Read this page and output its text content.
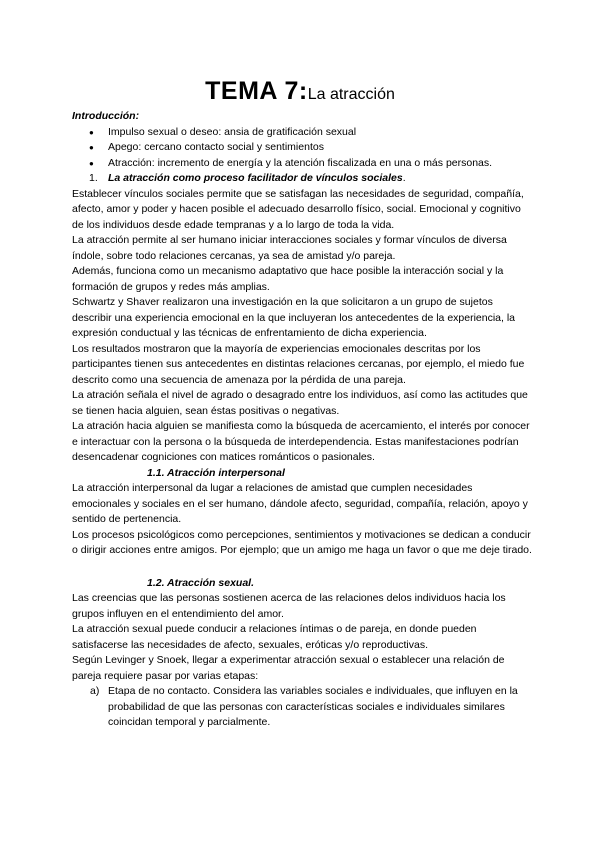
TEMA 7:La atracción

Introducción:

● Impulso sexual o deseo: ansia de gratificación sexual
● Apego: cercano contacto social y sentimientos
● Atracción: incremento de energía y la atención fiscalizada en una o más personas.

1. La atracción como proceso facilitador de vínculos sociales.

Establecer vínculos sociales permite que se satisfagan las necesidades de seguridad, compañía, afecto, amor y poder y hacen posible el adecuado desarrollo físico, social. Emocional y cognitivo de los individuos desde edade tempranas y a lo largo de toda la vida.

La atracción permite al ser humano iniciar interacciones sociales y formar vínculos de diversa índole, sobre todo relaciones cercanas, ya sea de amistad y/o pareja.

Además, funciona como un mecanismo adaptativo que hace posible la interacción social y la formación de grupos y redes más amplias.

Schwartz y Shaver realizaron una investigación en la que solicitaron a un grupo de sujetos describir una experiencia emocional en la que incluyeran los antecedentes de la experiencia, la expresión conductual y las técnicas de enfrentamiento de dicha experiencia.

Los resultados mostraron que la mayoría de experiencias emocionales descritas por los participantes tienen sus antecedentes en distintas relaciones cercanas, por ejemplo, el miedo fue descrito como una secuencia de amenaza por la pérdida de una pareja.

La atración señala el nivel de agrado o desagrado entre los individuos, así como las actitudes que se tienen hacia alguien, sean éstas positivas o negativas.

La atración hacia alguien se manifiesta como la búsqueda de acercamiento, el interés por conocer e interactuar con la persona o la búsqueda de interdependencia. Estas manifestaciones podrían desencadenar cogniciones con matices románticos o pasionales.

1.1. Atracción interpersonal

La atracción interpersonal da lugar a relaciones de amistad que cumplen necesidades emocionales y sociales en el ser humano, dándole afecto, seguridad, compañía, relación, apoyo y sentido de pertenencia.

Los procesos psicológicos como percepciones, sentimientos y motivaciones se dedican a conducir o dirigir acciones entre amigos. Por ejemplo; que un amigo me haga un favor o que me deje tirado.

1.2. Atracción sexual.

Las creencias que las personas sostienen acerca de las relaciones delos individuos hacia los grupos influyen en el entendimiento del amor.

La atracción sexual puede conducir a relaciones íntimas o de pareja, en donde pueden satisfacerse las necesidades de afecto, sexuales, eróticas y/o reproductivas.

Según Levinger y Snoek, llegar a experimentar atracción sexual o establecer una relación de pareja requiere pasar por varias etapas:

a) Etapa de no contacto. Considera las variables sociales e individuales, que influyen en la probabilidad de que las personas con características sociales e individuales similares coincidan temporal y parcialmente.
